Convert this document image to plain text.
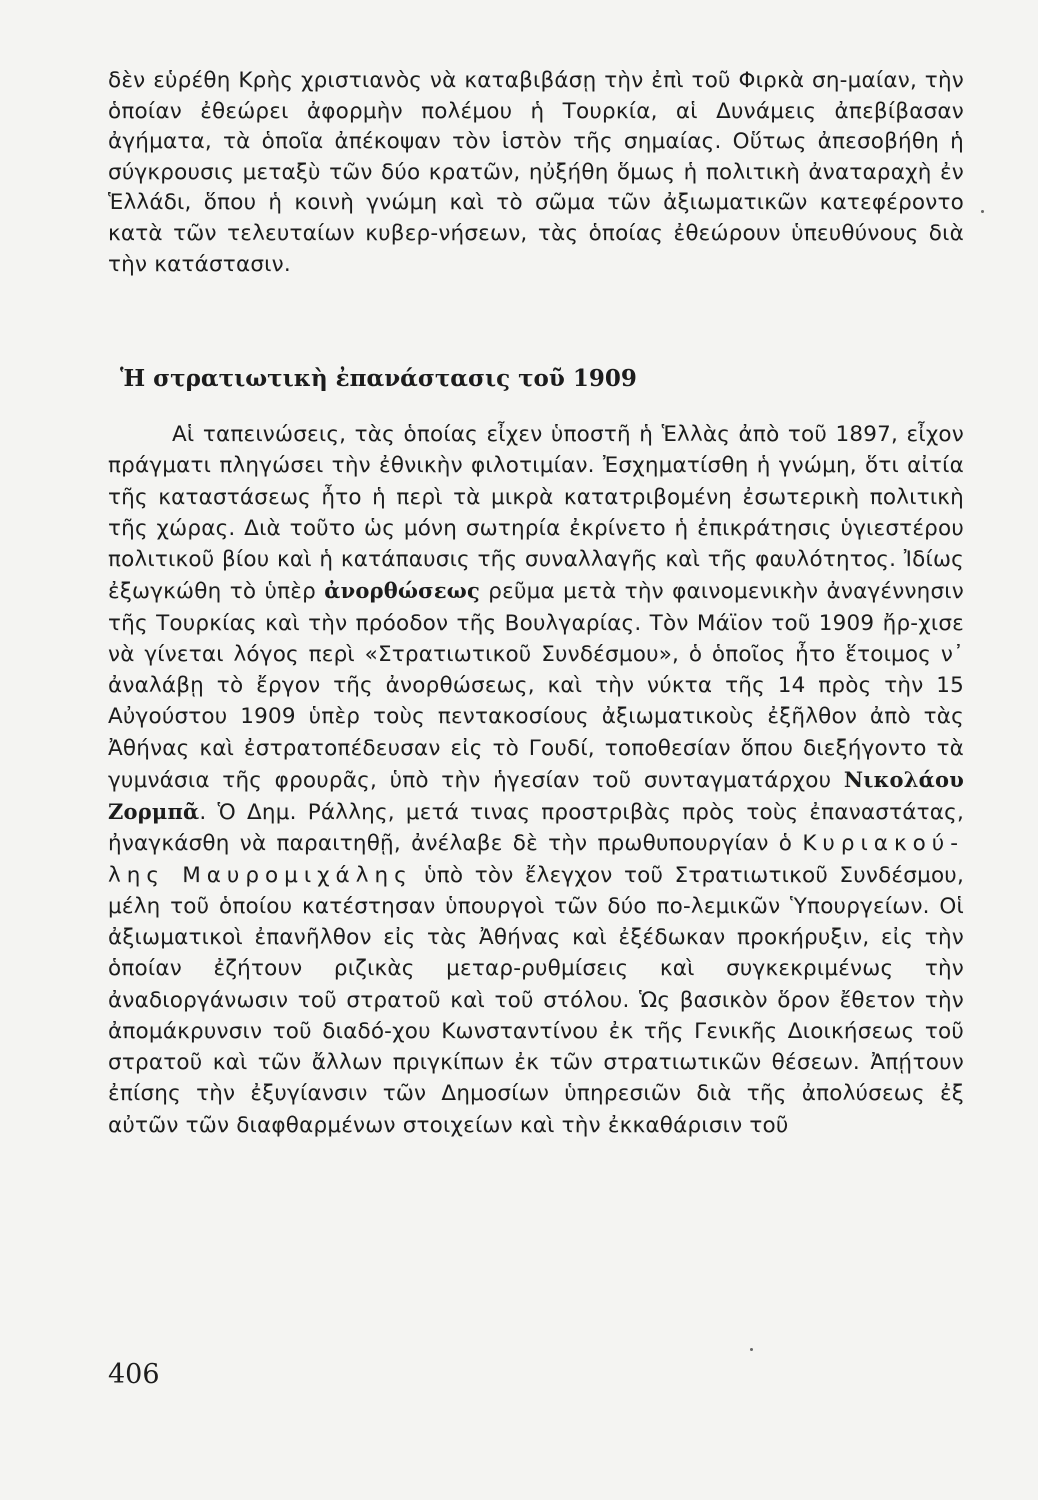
δὲν εὑρέθη Κρὴς χριστιανὸς νὰ καταβιβάσῃ τὴν ἐπὶ τοῦ Φιρκὰ ση-μαίαν, τὴν ὁποίαν ἐθεώρει ἀφορμὴν πολέμου ἡ Τουρκία, αἱ Δυνάμεις ἀπεβίβασαν ἀγήματα, τὰ ὁποῖα ἀπέκοψαν τὸν ἱστὸν τῆς σημαίας. Οὕτως ἀπεσοβήθη ἡ σύγκρουσις μεταξὺ τῶν δύο κρατῶν, ηὐξήθη ὅμως ἡ πολιτικὴ ἀναταραχὴ ἐν Ἑλλάδι, ὅπου ἡ κοινὴ γνώμη καὶ τὸ σῶμα τῶν ἀξιωματικῶν κατεφέροντο κατὰ τῶν τελευταίων κυβερ-νήσεων, τὰς ὁποίας ἐθεώρουν ὑπευθύνους διὰ τὴν κατάστασιν.
Ἡ στρατιωτικὴ ἐπανάστασις τοῦ 1909
Αἱ ταπεινώσεις, τὰς ὁποίας εἶχεν ὑποστῆ ἡ Ἑλλὰς ἀπὸ τοῦ 1897, εἶχον πράγματι πληγώσει τὴν ἐθνικὴν φιλοτιμίαν. Ἐσχηματίσθη ἡ γνώμη, ὅτι αἰτία τῆς καταστάσεως ἦτο ἡ περὶ τὰ μικρὰ κατατριβομένη ἐσωτερικὴ πολιτικὴ τῆς χώρας. Διὰ τοῦτο ὡς μόνη σωτηρία ἐκρίνετο ἡ ἐπικράτησις ὑγιεστέρου πολιτικοῦ βίου καὶ ἡ κατάπαυσις τῆς συναλλαγῆς καὶ τῆς φαυλότητος. Ἰδίως ἐξωγκώθη τὸ ὑπὲρ ἀνορθώσεως ρεῦμα μετὰ τὴν φαινομενικὴν ἀναγέννησιν τῆς Τουρκίας καὶ τὴν πρόοδον τῆς Βουλγαρίας. Τὸν Μάϊον τοῦ 1909 ἤρ-χισε νὰ γίνεται λόγος περὶ «Στρατιωτικοῦ Συνδέσμου», ὁ ὁποῖος ἦτο ἕτοιμος ν᾽ ἀναλάβῃ τὸ ἔργον τῆς ἀνορθώσεως, καὶ τὴν νύκτα τῆς 14 πρὸς τὴν 15 Αὐγούστου 1909 ὑπὲρ τοὺς πεντακοσίους ἀξιωματικοὺς ἐξῆλθον ἀπὸ τὰς Ἀθήνας καὶ ἐστρατοπέδευσαν εἰς τὸ Γουδί, τοποθεσίαν ὅπου διεξήγοντο τὰ γυμνάσια τῆς φρουρᾶς, ὑπὸ τὴν ἡγεσίαν τοῦ συνταγματάρχου Νικολάου Ζορμπᾶ. Ὁ Δημ. Ράλλης, μετά τινας προστριβὰς πρὸς τοὺς ἐπαναστάτας, ἠναγκάσθη νὰ παραιτηθῇ, ἀνέλαβε δὲ τὴν πρωθυπουργίαν ὁ Κυριακού-λης Μαυρομιχάλης ὑπὸ τὸν ἔλεγχον τοῦ Στρατιωτικοῦ Συνδέσμου, μέλη τοῦ ὁποίου κατέστησαν ὑπουργοὶ τῶν δύο πο-λεμικῶν Ὑπουργείων. Οἱ ἀξιωματικοὶ ἐπανῆλθον εἰς τὰς Ἀθήνας καὶ ἐξέδωκαν προκήρυξιν, εἰς τὴν ὁποίαν ἐζήτουν ριζικὰς μεταρ-ρυθμίσεις καὶ συγκεκριμένως τὴν ἀναδιοργάνωσιν τοῦ στρατοῦ καὶ τοῦ στόλου. Ὡς βασικὸν ὅρον ἔθετον τὴν ἀπομάκρυνσιν τοῦ διαδό-χου Κωνσταντίνου ἐκ τῆς Γενικῆς Διοικήσεως τοῦ στρατοῦ καὶ τῶν ἄλλων πριγκίπων ἐκ τῶν στρατιωτικῶν θέσεων. Ἀπῄτουν ἐπίσης τὴν ἐξυγίανσιν τῶν Δημοσίων ὑπηρεσιῶν διὰ τῆς ἀπολύσεως ἐξ αὐτῶν τῶν διαφθαρμένων στοιχείων καὶ τὴν ἐκκαθάρισιν τοῦ
406
